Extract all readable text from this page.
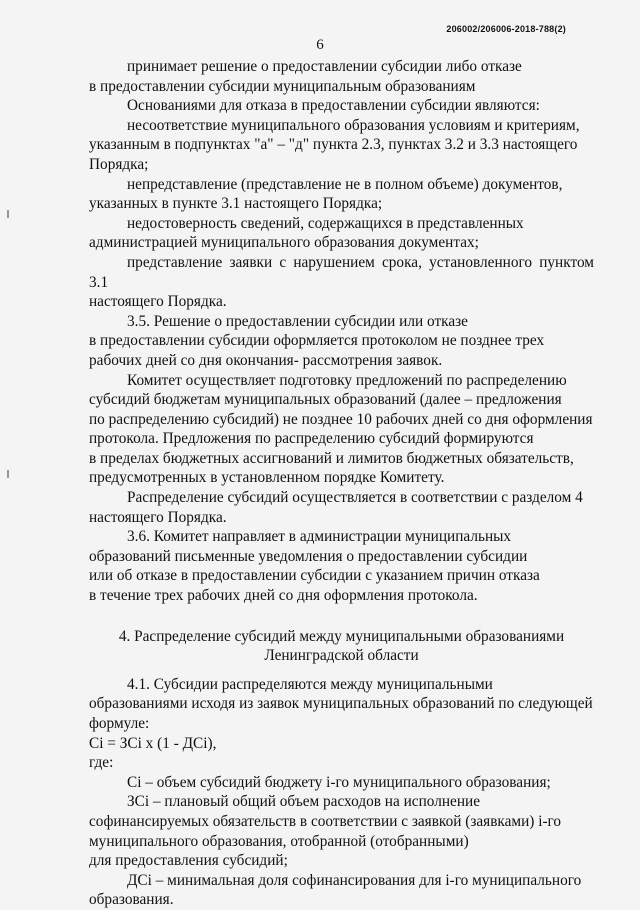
206002/206006-2018-788(2)
6

принимает решение о предоставлении субсидии либо отказе

в предоставлении субсидии муниципальным образованиям

Основаниями для отказа в предоставлении субсидии являются:

несоответствие муниципального образования условиям и критериям,

указанным в подпунктах "а" – "д" пункта 2.3, пунктах 3.2 и 3.3 настоящего

Порядка;

непредставление (представление не в полном объеме) документов,

указанных в пункте 3.1 настоящего Порядка;

недостоверность сведений, содержащихся в представленных

администрацией муниципального образования документах;

представление заявки с нарушением срока, установленного пунктом 3.1

настоящего Порядка.

3.5. Решение о предоставлении субсидии или отказе

в предоставлении субсидии оформляется протоколом не позднее трех

рабочих дней со дня окончания- рассмотрения заявок.

Комитет осуществляет подготовку предложений по распределению

субсидий бюджетам муниципальных образований (далее – предложения

по распределению субсидий) не позднее 10 рабочих дней со дня оформления

протокола. Предложения по распределению субсидий формируются

в пределах бюджетных ассигнований и лимитов бюджетных обязательств,

предусмотренных в установленном порядке Комитету.

Распределение субсидий осуществляется в соответствии с разделом 4

настоящего Порядка.

3.6. Комитет направляет в администрации муниципальных

образований письменные уведомления о предоставлении субсидии

или об отказе в предоставлении субсидии с указанием причин отказа

в течение трех рабочих дней со дня оформления протокола.

4. Распределение субсидий между муниципальными образованиями
Ленинградской области

4.1. Субсидии распределяются между муниципальными

образованиями исходя из заявок муниципальных образований по следующей

формуле:

Ci = ЗCi x (1 - ДCi),

где:

Ci – объем субсидий бюджету i-го муниципального образования;

ЗCi – плановый общий объем расходов на исполнение

софинансируемых обязательств в соответствии с заявкой (заявками) i-го

муниципального образования, отобранной (отобранными)

для предоставления субсидий;

ДCi – минимальная доля софинансирования для i-го муниципального

образования.
